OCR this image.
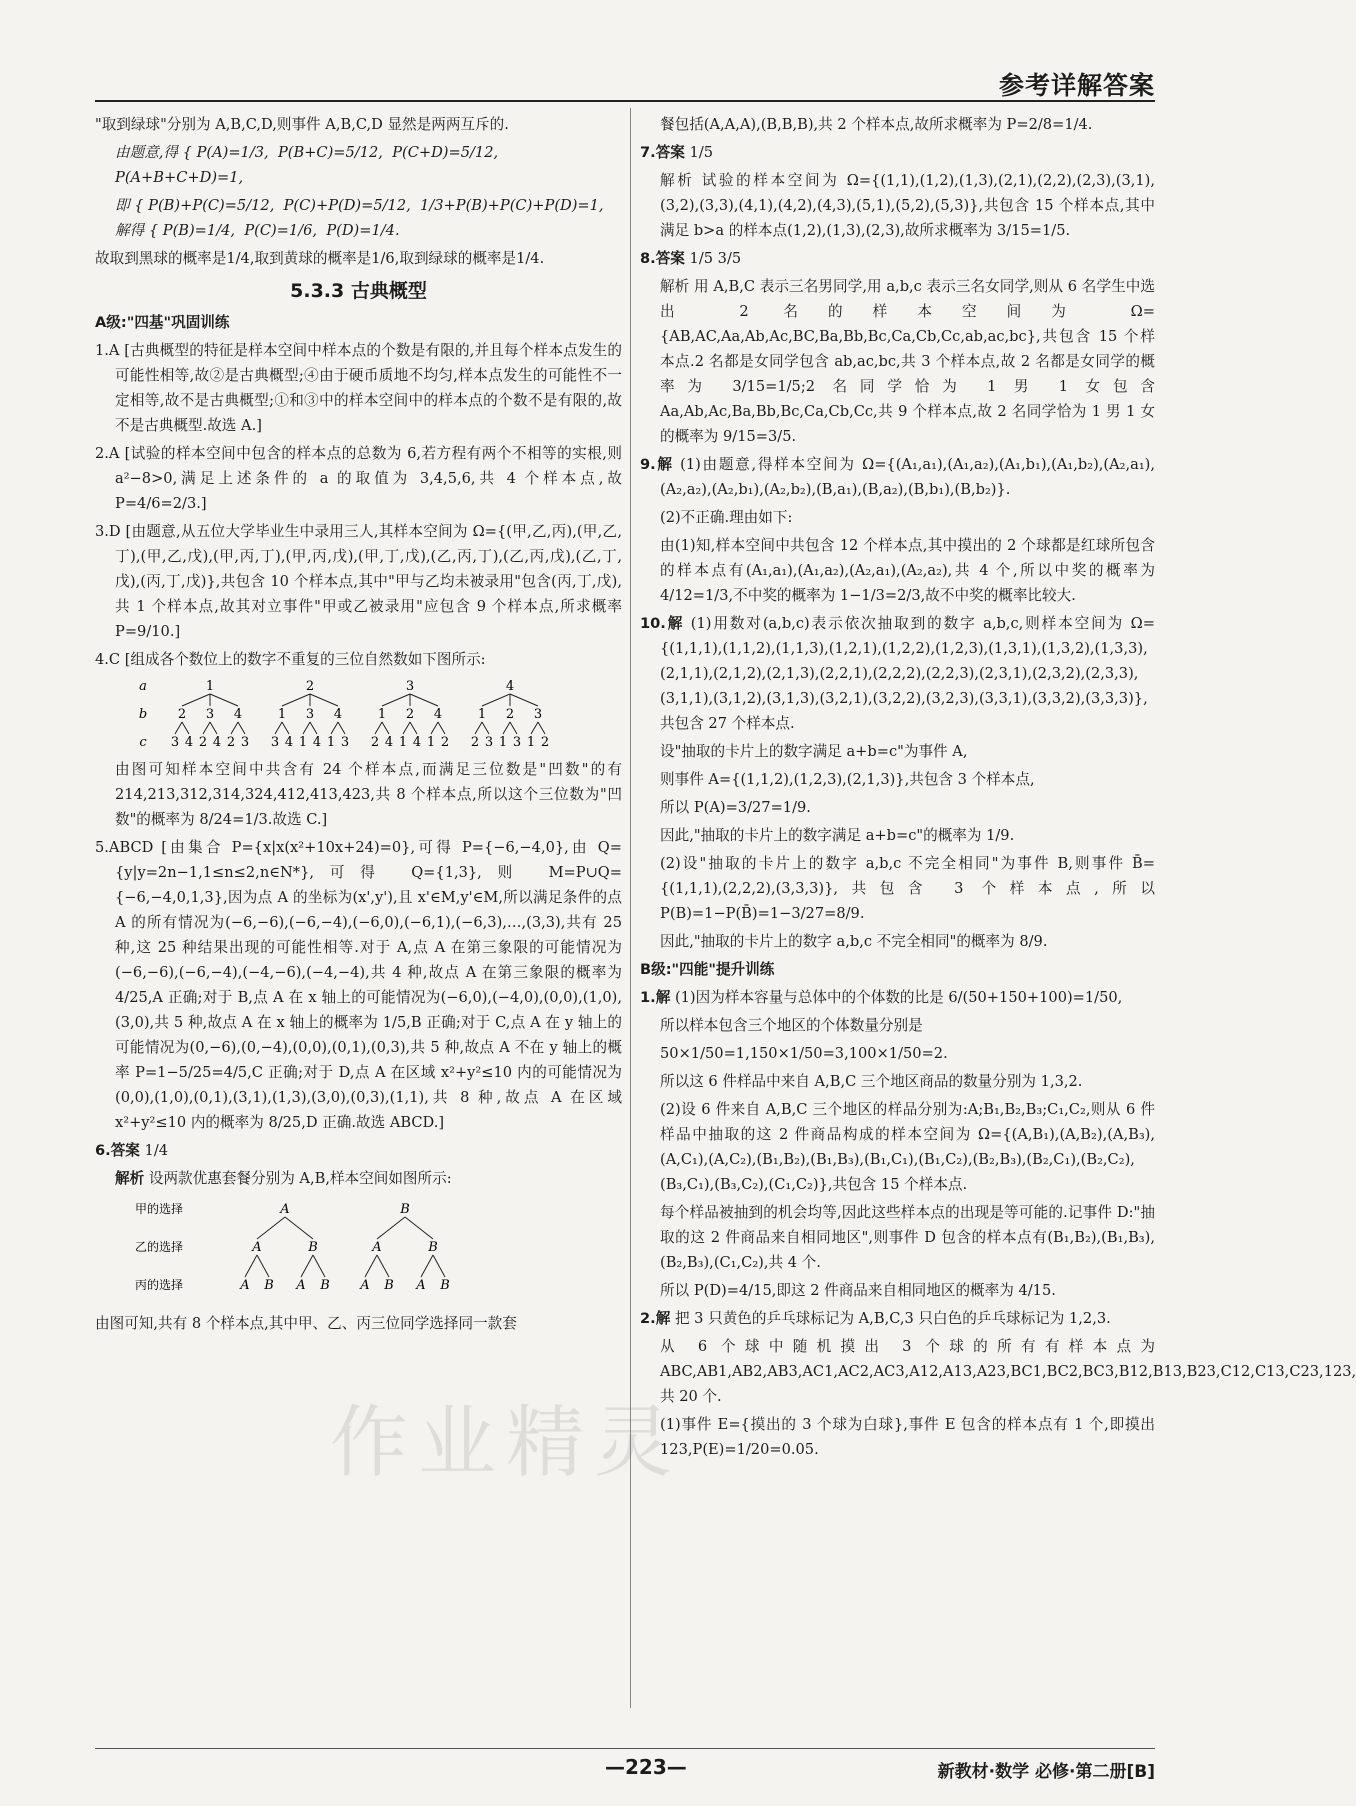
参考详解答案

"取到绿球"分别为 A,B,C,D,则事件 A,B,C,D 显然是两两互斥的.

由题意,得 { P(A)=1/3,  P(B+C)=5/12,  P(C+D)=5/12,  P(A+B+C+D)=1,

即 { P(B)+P(C)=5/12,  P(C)+P(D)=5/12,  1/3+P(B)+P(C)+P(D)=1,   解得 { P(B)=1/4,  P(C)=1/6,  P(D)=1/4.

故取到黑球的概率是1/4,取到黄球的概率是1/6,取到绿球的概率是1/4.

5.3.3 古典概型
A级:"四基"巩固训练

1.A [古典概型的特征是样本空间中样本点的个数是有限的,并且每个样本点发生的可能性相等,故②是古典概型;④由于硬币质地不均匀,样本点发生的可能性不一定相等,故不是古典概型;①和③中的样本空间中的样本点的个数不是有限的,故不是古典概型.故选 A.]

2.A [试验的样本空间中包含的样本点的总数为 6,若方程有两个不相等的实根,则 a²−8>0,满足上述条件的 a 的取值为 3,4,5,6,共 4 个样本点,故 P=4/6=2/3.]

3.D [由题意,从五位大学毕业生中录用三人,其样本空间为 Ω={(甲,乙,丙),(甲,乙,丁),(甲,乙,戊),(甲,丙,丁),(甲,丙,戊),(甲,丁,戊),(乙,丙,丁),(乙,丙,戊),(乙,丁,戊),(丙,丁,戊)},共包含 10 个样本点,其中"甲与乙均未被录用"包含(丙,丁,戊),共 1 个样本点,故其对立事件"甲或乙被录用"应包含 9 个样本点,所求概率 P=9/10.]

4.C [组成各个数位上的数字不重复的三位自然数如下图所示:

a
b
c
1
2
3 4
3
2 4
4
2 3
2
1
3 4
3
1 4
4
1 3
3
1
2 4
2
1 4
4
1 2
4
1
2 3
2
1 3
3
1 2

由图可知样本空间中共含有 24 个样本点,而满足三位数是"凹数"的有 214,213,312,314,324,412,413,423,共 8 个样本点,所以这个三位数为"凹数"的概率为 8/24=1/3.故选 C.]

5.ABCD [由集合 P={x|x(x²+10x+24)=0},可得 P={−6,−4,0},由 Q={y|y=2n−1,1≤n≤2,n∈N*},可得 Q={1,3},则 M=P∪Q={−6,−4,0,1,3},因为点 A 的坐标为(x',y'),且 x'∈M,y'∈M,所以满足条件的点 A 的所有情况为(−6,−6),(−6,−4),(−6,0),(−6,1),(−6,3),…,(3,3),共有 25 种,这 25 种结果出现的可能性相等.对于 A,点 A 在第三象限的可能情况为(−6,−6),(−6,−4),(−4,−6),(−4,−4),共 4 种,故点 A 在第三象限的概率为 4/25,A 正确;对于 B,点 A 在 x 轴上的可能情况为(−6,0),(−4,0),(0,0),(1,0),(3,0),共 5 种,故点 A 在 x 轴上的概率为 1/5,B 正确;对于 C,点 A 在 y 轴上的可能情况为(0,−6),(0,−4),(0,0),(0,1),(0,3),共 5 种,故点 A 不在 y 轴上的概率 P=1−5/25=4/5,C 正确;对于 D,点 A 在区域 x²+y²≤10 内的可能情况为(0,0),(1,0),(0,1),(3,1),(1,3),(3,0),(0,3),(1,1),共 8 种,故点 A 在区域 x²+y²≤10 内的概率为 8/25,D 正确.故选 ABCD.]

6.答案 1/4

解析 设两款优惠套餐分别为 A,B,样本空间如图所示:

甲的选择
乙的选择
丙的选择
A
A
A B
B
A B
B
A
A B
B
A B

由图可知,共有 8 个样本点,其中甲、乙、丙三位同学选择同一款套

餐包括(A,A,A),(B,B,B),共 2 个样本点,故所求概率为 P=2/8=1/4.

7.答案 1/5

解析 试验的样本空间为 Ω={(1,1),(1,2),(1,3),(2,1),(2,2),(2,3),(3,1),(3,2),(3,3),(4,1),(4,2),(4,3),(5,1),(5,2),(5,3)},共包含 15 个样本点,其中满足 b>a 的样本点(1,2),(1,3),(2,3),故所求概率为 3/15=1/5.

8.答案 1/5 3/5

解析 用 A,B,C 表示三名男同学,用 a,b,c 表示三名女同学,则从 6 名学生中选出 2 名的样本空间为 Ω={AB,AC,Aa,Ab,Ac,BC,Ba,Bb,Bc,Ca,Cb,Cc,ab,ac,bc},共包含 15 个样本点.2 名都是女同学包含 ab,ac,bc,共 3 个样本点,故 2 名都是女同学的概率为 3/15=1/5;2 名同学恰为 1 男 1 女包含 Aa,Ab,Ac,Ba,Bb,Bc,Ca,Cb,Cc,共 9 个样本点,故 2 名同学恰为 1 男 1 女的概率为 9/15=3/5.

9.解 (1)由题意,得样本空间为 Ω={(A₁,a₁),(A₁,a₂),(A₁,b₁),(A₁,b₂),(A₂,a₁),(A₂,a₂),(A₂,b₁),(A₂,b₂),(B,a₁),(B,a₂),(B,b₁),(B,b₂)}.

(2)不正确.理由如下:

由(1)知,样本空间中共包含 12 个样本点,其中摸出的 2 个球都是红球所包含的样本点有(A₁,a₁),(A₁,a₂),(A₂,a₁),(A₂,a₂),共 4 个,所以中奖的概率为 4/12=1/3,不中奖的概率为 1−1/3=2/3,故不中奖的概率比较大.

10.解 (1)用数对(a,b,c)表示依次抽取到的数字 a,b,c,则样本空间为 Ω={(1,1,1),(1,1,2),(1,1,3),(1,2,1),(1,2,2),(1,2,3),(1,3,1),(1,3,2),(1,3,3),(2,1,1),(2,1,2),(2,1,3),(2,2,1),(2,2,2),(2,2,3),(2,3,1),(2,3,2),(2,3,3),(3,1,1),(3,1,2),(3,1,3),(3,2,1),(3,2,2),(3,2,3),(3,3,1),(3,3,2),(3,3,3)},共包含 27 个样本点.

设"抽取的卡片上的数字满足 a+b=c"为事件 A,

则事件 A={(1,1,2),(1,2,3),(2,1,3)},共包含 3 个样本点,

所以 P(A)=3/27=1/9.

因此,"抽取的卡片上的数字满足 a+b=c"的概率为 1/9.

(2)设"抽取的卡片上的数字 a,b,c 不完全相同"为事件 B,则事件 B̄={(1,1,1),(2,2,2),(3,3,3)},共包含 3 个样本点,所以 P(B)=1−P(B̄)=1−3/27=8/9.

因此,"抽取的卡片上的数字 a,b,c 不完全相同"的概率为 8/9.

B级:"四能"提升训练

1.解 (1)因为样本容量与总体中的个体数的比是 6/(50+150+100)=1/50,

所以样本包含三个地区的个体数量分别是

50×1/50=1,150×1/50=3,100×1/50=2.

所以这 6 件样品中来自 A,B,C 三个地区商品的数量分别为 1,3,2.

(2)设 6 件来自 A,B,C 三个地区的样品分别为:A;B₁,B₂,B₃;C₁,C₂,则从 6 件样品中抽取的这 2 件商品构成的样本空间为 Ω={(A,B₁),(A,B₂),(A,B₃),(A,C₁),(A,C₂),(B₁,B₂),(B₁,B₃),(B₁,C₁),(B₁,C₂),(B₂,B₃),(B₂,C₁),(B₂,C₂),(B₃,C₁),(B₃,C₂),(C₁,C₂)},共包含 15 个样本点.

每个样品被抽到的机会均等,因此这些样本点的出现是等可能的.记事件 D:"抽取的这 2 件商品来自相同地区",则事件 D 包含的样本点有(B₁,B₂),(B₁,B₃),(B₂,B₃),(C₁,C₂),共 4 个.

所以 P(D)=4/15,即这 2 件商品来自相同地区的概率为 4/15.

2.解 把 3 只黄色的乒乓球标记为 A,B,C,3 只白色的乒乓球标记为 1,2,3.

从 6 个球中随机摸出 3 个球的所有有样本点为 ABC,AB1,AB2,AB3,AC1,AC2,AC3,A12,A13,A23,BC1,BC2,BC3,B12,B13,B23,C12,C13,C23,123,共 20 个.

(1)事件 E={摸出的 3 个球为白球},事件 E 包含的样本点有 1 个,即摸出 123,P(E)=1/20=0.05.

作业精灵
—223—	新教材·数学 必修·第二册[B]
